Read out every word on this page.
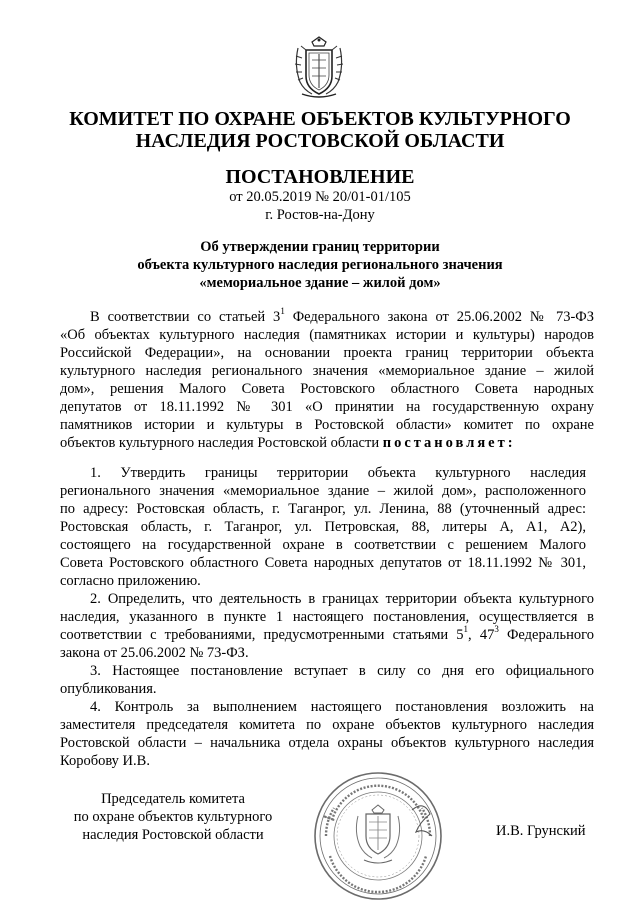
КОМИТЕТ ПО ОХРАНЕ ОБЪЕКТОВ КУЛЬТУРНОГО
НАСЛЕДИЯ РОСТОВСКОЙ ОБЛАСТИ
ПОСТАНОВЛЕНИЕ
от 20.05.2019 № 20/01-01/105
г. Ростов-на-Дону
Об утверждении границ территории
объекта культурного наследия регионального значения
«мемориальное здание – жилой дом»
В соответствии со статьей $3^1$ Федерального закона от 25.06.2002 № 73-ФЗ
«Об объектах культурного наследия (памятниках истории и культуры) народов
Российской Федерации», на основании проекта границ территории объекта
культурного наследия регионального значения «мемориальное здание – жилой
дом», решения Малого Совета Ростовского областного Совета народных
депутатов от 18.11.1992 № 301 «О принятии на государственную охрану
памятников истории и культуры в Ростовской области» комитет по охране
объектов культурного наследия Ростовской области постановляет:
1. Утвердить границы территории объекта культурного наследия
регионального значения «мемориальное здание – жилой дом», расположенного
по адресу: Ростовская область, г. Таганрог, ул. Ленина, 88 (уточненный адрес:
Ростовская область, г. Таганрог, ул. Петровская, 88, литеры А, А1, А2),
состоящего на государственной охране в соответствии с решением Малого
Совета Ростовского областного Совета народных депутатов от 18.11.1992 № 301,
согласно приложению.
2. Определить, что деятельность в границах территории объекта культурного
наследия, указанного в пункте 1 настоящего постановления, осуществляется в
соответствии с требованиями, предусмотренными статьями $5^1$, $47^3$ Федерального
закона от 25.06.2002 № 73-ФЗ.
3. Настоящее постановление вступает в силу со дня его официального
опубликования.
4. Контроль за выполнением настоящего постановления возложить на
заместителя председателя комитета по охране объектов культурного наследия
Ростовской области – начальника отдела охраны объектов культурного наследия
Коробову И.В.
Председатель комитета
по охране объектов культурного
наследия Ростовской области	И.В. Грунский
